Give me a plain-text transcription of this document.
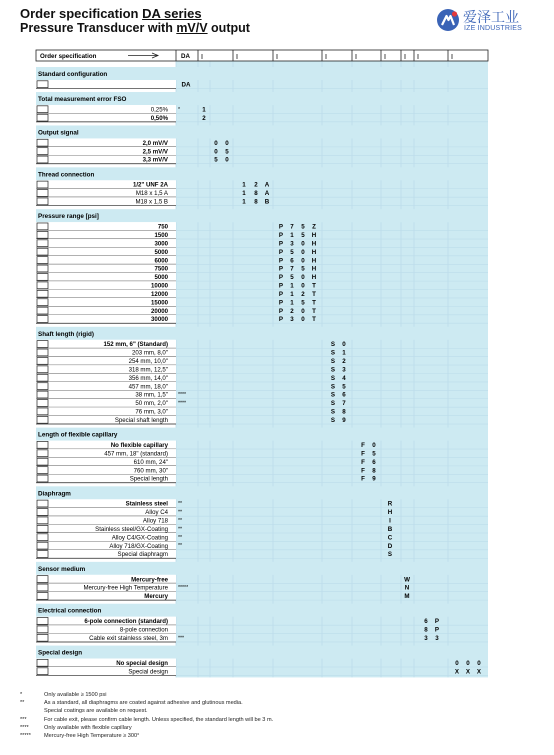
Order specification DA series
Pressure Transducer with mV/V output
爱泽工业
IZE INDUSTRIES
Order specification	DA
Standard configuration
DA
Total measurement error FSO
0,25% *	1
0,50%	2
Output signal
2,0 mV/V	0 0
2,5 mV/V	0 5
3,3 mV/V	5 0
Thread connection
1/2" UNF 2A	1 2 A
M18 x 1,5 A	1 8 A
M18 x 1,5 B	1 8 B
Pressure range [psi]
750	P 7 5 Z
1500	P 1 5 H
3000	P 3 0 H
5000	P 5 0 H
6000	P 6 0 H
7500	P 7 5 H
5000	P 5 0 H
10000	P 1 0 T
12000	P 1 2 T
15000	P 1 5 T
20000	P 2 0 T
30000	P 3 0 T
Shaft length (rigid)
152 mm, 6" (Standard)	S 0
203 mm, 8,0"	S 1
254 mm, 10,0"	S 2
318 mm, 12,5"	S 3
356 mm, 14,0"	S 4
457 mm, 18,0"	S 5
38 mm, 1,5" ****	S 6
50 mm, 2,0" ****	S 7
76 mm, 3,0"	S 8
Special shaft length	S 9
Length of flexible capillary
No flexible capillary	F 0
457 mm, 18" (standard)	F 5
610 mm, 24"	F 6
760 mm, 30"	F 8
Special length	F 9
Diaphragm
Stainless steel **	R
Alloy C4 **	H
Alloy 718 **	I
Stainless steel/GX-Coating **	B
Alloy C4/GX-Coating **	C
Alloy 718/GX-Coating **	D
Special diaphragm	S
Sensor medium
Mercury-free	W
Mercury-free High Temperature *****	N
Mercury	M
Electrical connection
6-pole connection (standard)	6 P
8-pole connection	8 P
Cable exit stainless steel, 3m ***	3 3
Special design
No special design	0 0 0
Special design	X X X
*	Only available ≥ 1500 psi
**	As a standard, all diaphragms are coated against adhesive and glutinous media.
Special coatings are available on request.
***	For cable exit, please confirm cable length. Unless specified, the standard length will be 3 m.
****	Only available with flexible capillary
***** Mercury-free High Temperature ≥ 300°
